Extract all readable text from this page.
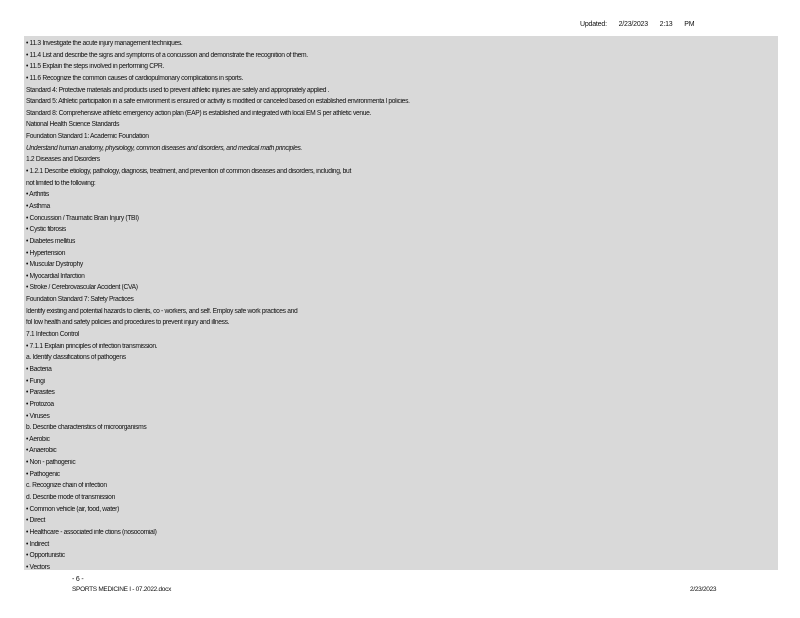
Updated: 2/23/2023 2:13 PM
• 11.3 Investigate the acute injury management techniques.
• 11.4 List and describe the signs and symptoms of a concussion and demonstrate the recognition of them.
• 11.5 Explain the steps involved in performing CPR.
• 11.6 Recognize the common causes of cardiopulmonary complications in sports.
Standard 4: Protective materials and products used to prevent athletic injuries are safely and appropriately applied .
Standard 5: Athletic participation in a safe environment is ensured or activity is modified or canceled based on established environmenta l policies.
Standard 8: Comprehensive athletic emergency action plan (EAP) is established and integrated with local EM S per athletic venue.
National Health Science Standards
Foundation Standard 1: Academic Foundation
Understand human anatomy, physiology, common diseases and disorders, and medical math principles.
1.2 Diseases and Disorders
• 1.2.1 Describe etiology, pathology, diagnosis, treatment, and prevention of common diseases and disorders, including, but
not limited to the following:
• Arthritis
• Asthma
• Concussion / Traumatic Brain Injury (TBI)
• Cystic fibrosis
• Diabetes mellitus
• Hypertension
• Muscular Dystrophy
• Myocardial Infarction
• Stroke / Cerebrovascular Accident (CVA)
Foundation Standard 7: Safety Practices
Identify existing and potential hazards to clients, co - workers, and self. Employ safe work practices and
fol low health and safety policies and procedures to prevent injury and illness.
7.1 Infection Control
• 7.1.1 Explain principles of infection transmission.
a. Identify classifications of pathogens
• Bacteria
• Fungi
• Parasites
• Protozoa
• Viruses
b. Describe characteristics of microorganisms
• Aerobic
• Anaerobic
• Non - pathogenic
• Pathogenic
c. Recognize chain of infection
d. Describe mode of transmission
• Common vehicle (air, food, water)
• Direct
• Healthcare - associated infe ctions (nosocomial)
• Indirect
• Opportunistic
• Vectors
- 6 -
SPORTS MEDICINE I - 07.2022.docx	2/23/2023
